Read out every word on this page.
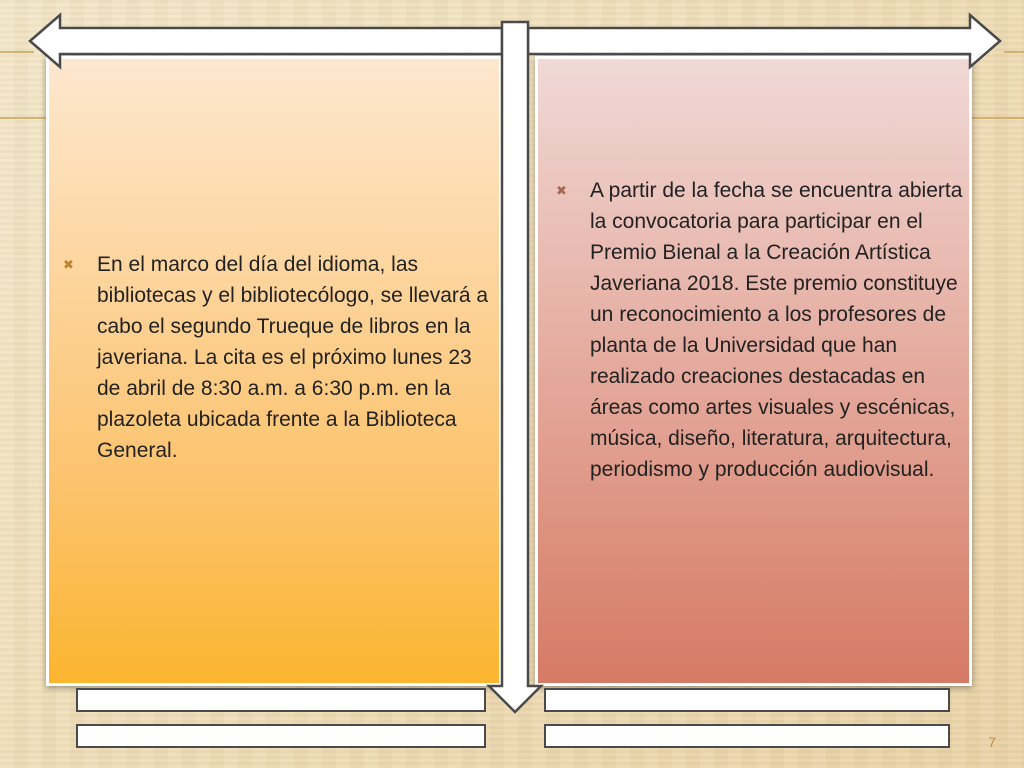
✖	En el marco del día del idioma, las bibliotecas y el bibliotecólogo, se llevará a cabo el segundo Trueque de libros en la javeriana. La cita es el próximo lunes 23 de abril de 8:30 a.m. a 6:30 p.m. en la plazoleta ubicada frente a la Biblioteca General.
✖	A partir de la fecha se encuentra abierta la convocatoria para participar en el Premio Bienal a la Creación Artística Javeriana 2018. Este premio constituye un reconocimiento a los profesores de planta de la Universidad que han realizado creaciones destacadas en áreas como artes visuales y escénicas, música, diseño, literatura, arquitectura, periodismo y producción audiovisual.
7
